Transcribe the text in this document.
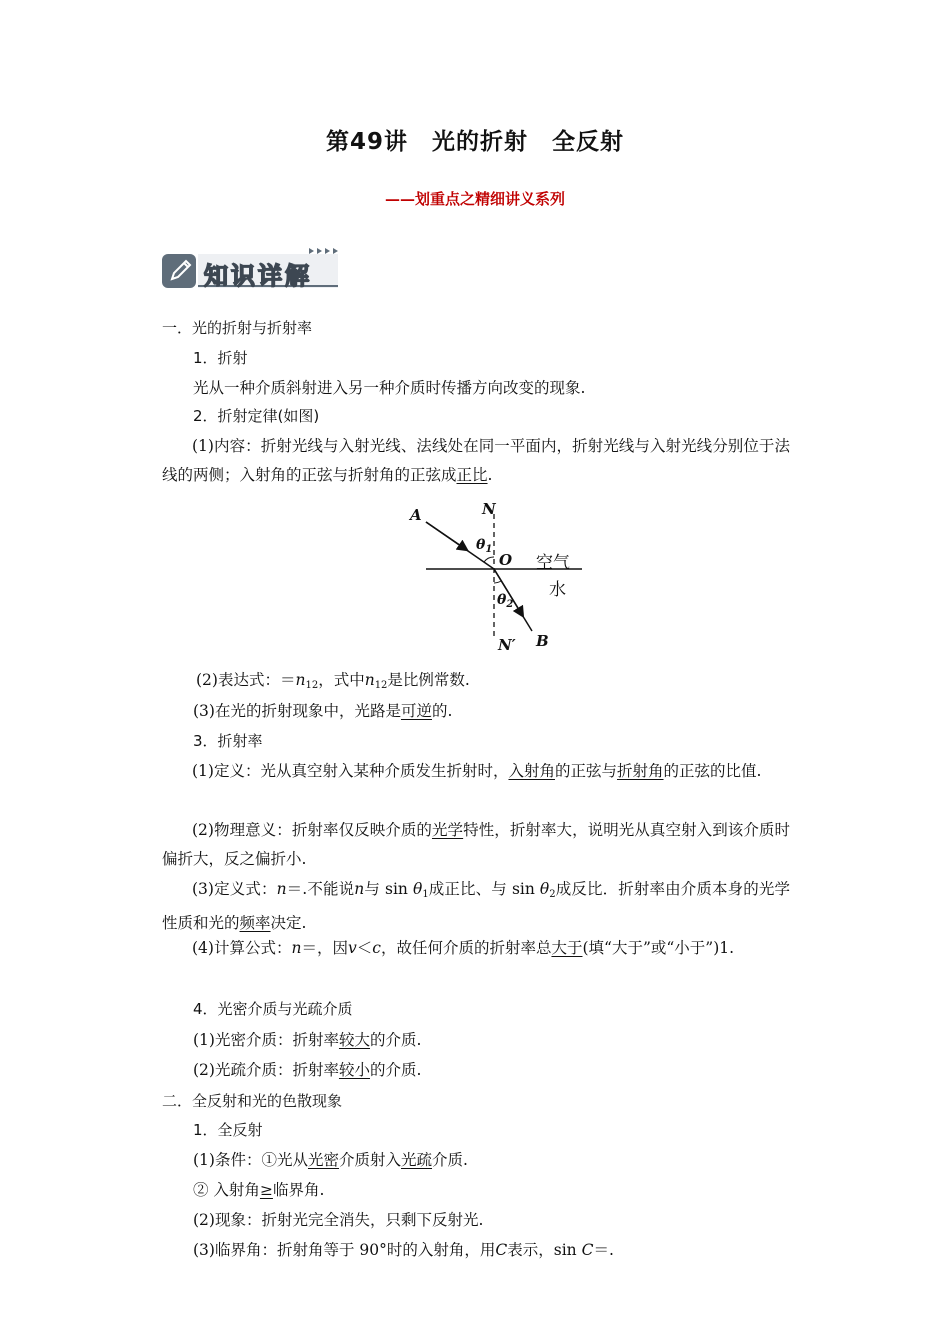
第49讲　光的折射　全反射
——划重点之精细讲义系列
知识详解
一．光的折射与折射率
1．折射
光从一种介质斜射进入另一种介质时传播方向改变的现象.
2．折射定律(如图)
(1)内容：折射光线与入射光线、法线处在同一平面内，折射光线与入射光线分别位于法线的两侧；入射角的正弦与折射角的正弦成正比.
A	N
$\theta_1$
O 空气
水
$\theta_2$
N′ B
(2)表达式：$=n_{12}$，式中$n_{12}$是比例常数.
(3)在光的折射现象中，光路是可逆的.
3．折射率
(1)定义：光从真空射入某种介质发生折射时，入射角的正弦与折射角的正弦的比值.
(2)物理意义：折射率仅反映介质的光学特性，折射率大，说明光从真空射入到该介质时偏折大，反之偏折小.
(3)定义式：n＝.不能说n与 $\sin \theta_1$成正比、与 $\sin \theta_2$成反比．折射率由介质本身的光学性质和光的频率决定.
(4)计算公式：n＝，因v＜c，故任何介质的折射率总大于(填“大于”或“小于”)1.
4．光密介质与光疏介质
(1)光密介质：折射率较大的介质.
(2)光疏介质：折射率较小的介质.
二．全反射和光的色散现象
1．全反射
(1)条件：①光从光密介质射入光疏介质.
② 入射角≥临界角.
(2)现象：折射光完全消失，只剩下反射光.
(3)临界角：折射角等于 90°时的入射角，用C表示，sin C＝.
